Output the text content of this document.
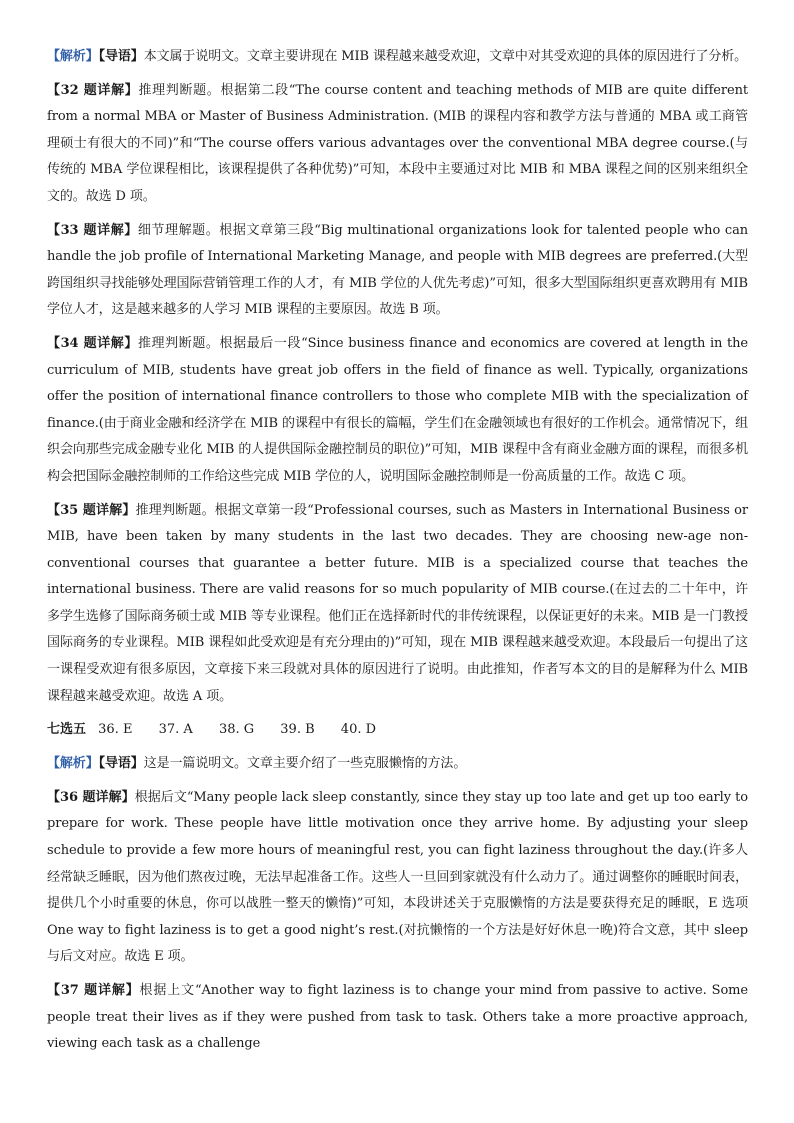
【解析】【导语】本文属于说明文。文章主要讲现在 MIB 课程越来越受欢迎，文章中对其受欢迎的具体的原因进行了分析。

【32 题详解】推理判断题。根据第二段“The course content and teaching methods of MIB are quite different from a normal MBA or Master of Business Administration. (MIB 的课程内容和教学方法与普通的 MBA 或工商管理硕士有很大的不同)”和“The course offers various advantages over the conventional MBA degree course.(与传统的 MBA 学位课程相比，该课程提供了各种优势)”可知，本段中主要通过对比 MIB 和 MBA 课程之间的区别来组织全文的。故选 D 项。

【33 题详解】细节理解题。根据文章第三段“Big multinational organizations look for talented people who can handle the job profile of International Marketing Manage, and people with MIB degrees are preferred.(大型跨国组织寻找能够处理国际营销管理工作的人才，有 MIB 学位的人优先考虑)”可知，很多大型国际组织更喜欢聘用有 MIB 学位人才，这是越来越多的人学习 MIB 课程的主要原因。故选 B 项。

【34 题详解】推理判断题。根据最后一段“Since business finance and economics are covered at length in the curriculum of MIB, students have great job offers in the field of finance as well. Typically, organizations offer the position of international finance controllers to those who complete MIB with the specialization of finance.(由于商业金融和经济学在 MIB 的课程中有很长的篇幅，学生们在金融领域也有很好的工作机会。通常情况下，组织会向那些完成金融专业化 MIB 的人提供国际金融控制员的职位)”可知，MIB 课程中含有商业金融方面的课程，而很多机构会把国际金融控制师的工作给这些完成 MIB 学位的人，说明国际金融控制师是一份高质量的工作。故选 C 项。

【35 题详解】推理判断题。根据文章第一段“Professional courses, such as Masters in International Business or MIB, have been taken by many students in the last two decades. They are choosing new-age non-conventional courses that guarantee a better future. MIB is a specialized course that teaches the international business. There are valid reasons for so much popularity of MIB course.(在过去的二十年中，许多学生选修了国际商务硕士或 MIB 等专业课程。他们正在选择新时代的非传统课程，以保证更好的未来。MIB 是一门教授国际商务的专业课程。MIB 课程如此受欢迎是有充分理由的)”可知，现在 MIB 课程越来越受欢迎。本段最后一句提出了这一课程受欢迎有很多原因，文章接下来三段就对具体的原因进行了说明。由此推知，作者写本文的目的是解释为什么 MIB 课程越来越受欢迎。故选 A 项。

七选五 36. E 37. A 38. G 39. B 40. D

【解析】【导语】这是一篇说明文。文章主要介绍了一些克服懒惰的方法。

【36 题详解】根据后文“Many people lack sleep constantly, since they stay up too late and get up too early to prepare for work. These people have little motivation once they arrive home. By adjusting your sleep schedule to provide a few more hours of meaningful rest, you can fight laziness throughout the day.(许多人经常缺乏睡眠，因为他们熬夜过晚，无法早起准备工作。这些人一旦回到家就没有什么动力了。通过调整你的睡眠时间表，提供几个小时重要的休息，你可以战胜一整天的懒惰)”可知，本段讲述关于克服懒惰的方法是要获得充足的睡眠，E 选项 One way to fight laziness is to get a good night’s rest.(对抗懒惰的一个方法是好好休息一晚)符合文意，其中 sleep 与后文对应。故选 E 项。

【37 题详解】根据上文“Another way to fight laziness is to change your mind from passive to active. Some people treat their lives as if they were pushed from task to task. Others take a more proactive approach, viewing each task as a challenge
